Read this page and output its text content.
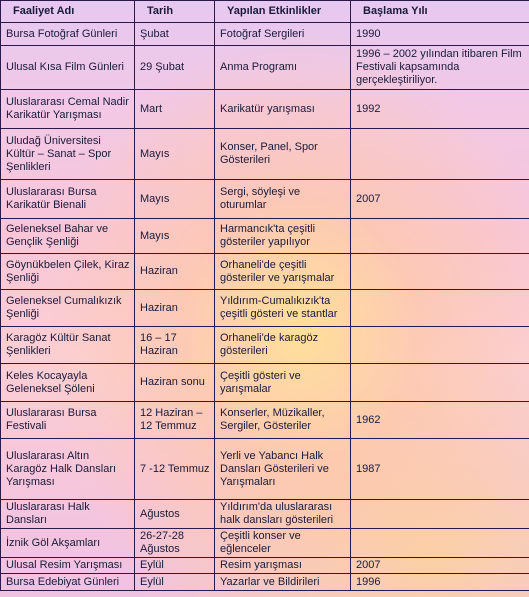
Faaliyet Adı	Tarih	Yapılan Etkinlikler	Başlama Yılı
Bursa Fotoğraf Günleri	Şubat	Fotoğraf Sergileri	1990
Ulusal Kısa Film Günleri	29 Şubat	Anma Programı	1996 – 2002 yılından itibaren Film Festivali kapsamında gerçekleştiriliyor.
Uluslararası Cemal Nadir Karikatür Yarışması	Mart	Karikatür yarışması	1992
Uludağ Üniversitesi Kültür – Sanat – Spor Şenlikleri	Mayıs	Konser, Panel, Spor Gösterileri	
Uluslararası Bursa Karikatür Bienali	Mayıs	Sergi, söyleşi ve oturumlar	2007
Geleneksel Bahar ve Gençlik Şenliği	Mayıs	Harmancık'ta çeşitli gösteriler yapılıyor	
Göynükbelen Çilek, Kiraz Şenliği	Haziran	Orhaneli'de çeşitli gösteriler ve yarışmalar	
Geleneksel Cumalıkızık Şenliği	Haziran	Yıldırım-Cumalıkızık'ta çeşitli gösteri ve stantlar	
Karagöz Kültür Sanat Şenlikleri	16 – 17 Haziran	Orhaneli'de karagöz gösterileri	
Keles Kocayayla Geleneksel Şöleni	Haziran sonu	Çeşitli gösteri ve yarışmalar	
Uluslararası Bursa Festivali	12 Haziran – 12 Temmuz	Konserler, Müzikaller, Sergiler, Gösteriler	1962
Uluslararası Altın Karagöz Halk Dansları Yarışması	7 -12 Temmuz	Yerli ve Yabancı Halk Dansları Gösterileri ve Yarışmaları	1987
Uluslararası Halk Dansları	Ağustos	Yıldırım'da uluslararası halk dansları gösterileri	
İznik Göl Akşamları	26-27-28 Ağustos	Çeşitli konser ve eğlenceler	
Ulusal Resim Yarışması	Eylül	Resim yarışması	2007
Bursa Edebiyat Günleri	Eylül	Yazarlar ve Bildirileri	1996
